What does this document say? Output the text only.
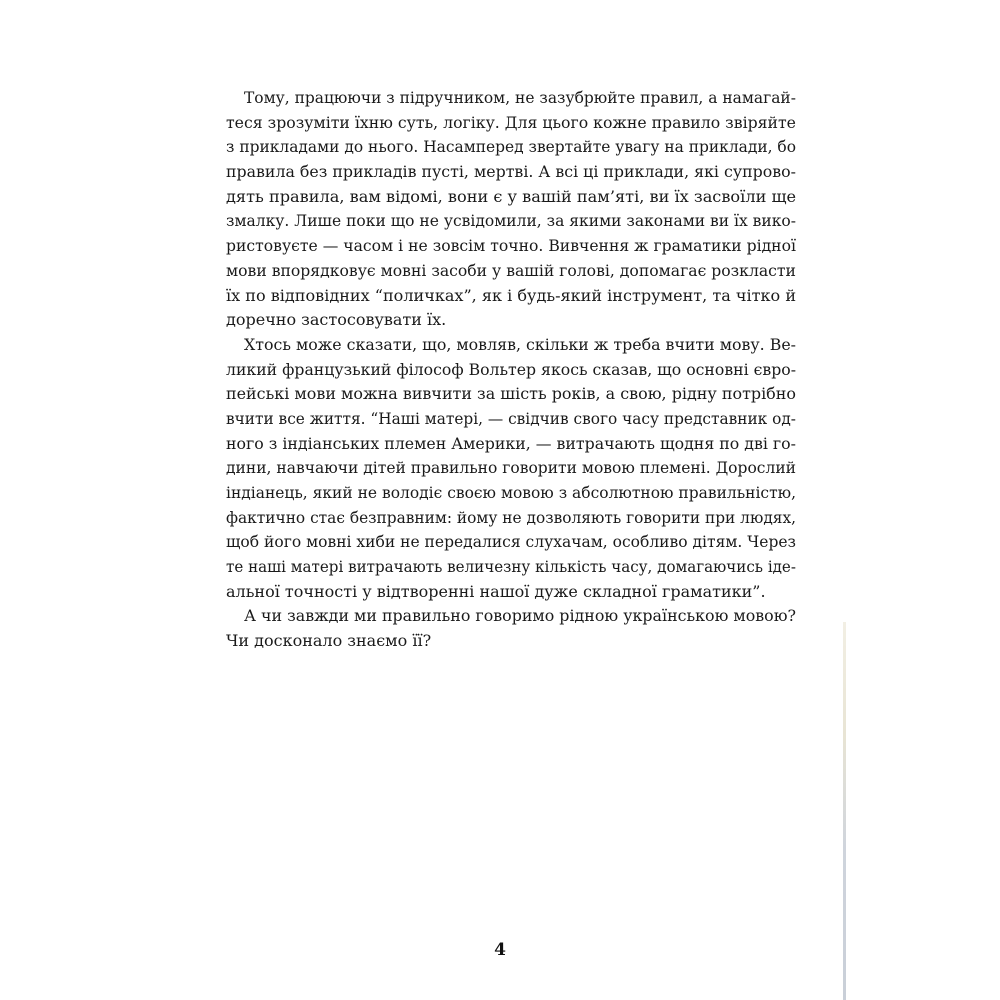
Тому, працюючи з підручником, не зазубрюйте правил, а намагай-
теся зрозуміти їхню суть, логіку. Для цього кожне правило звіряйте
з прикладами до нього. Насамперед звертайте увагу на приклади, бо
правила без прикладів пусті, мертві. А всі ці приклади, які супрово-
дять правила, вам відомі, вони є у вашій пам’яті, ви їх засвоїли ще
змалку. Лише поки що не усвідомили, за якими законами ви їх вико-
ристовуєте — часом і не зовсім точно. Вивчення ж граматики рідної
мови впорядковує мовні засоби у вашій голові, допомагає розкласти
їх по відповідних “поличках”, як і будь-який інструмент, та чітко й
доречно застосовувати їх.
Хтось може сказати, що, мовляв, скільки ж треба вчити мову. Ве-
ликий французький філософ Вольтер якось сказав, що основні євро-
пейські мови можна вивчити за шість років, а свою, рідну потрібно
вчити все життя. “Наші матері, — свідчив свого часу представник од-
ного з індіанських племен Америки, — витрачають щодня по дві го-
дини, навчаючи дітей правильно говорити мовою племені. Дорослий
індіанець, який не володіє своєю мовою з абсолютною правильністю,
фактично стає безправним: йому не дозволяють говорити при людях,
щоб його мовні хиби не передалися слухачам, особливо дітям. Через
те наші матері витрачають величезну кількість часу, домагаючись іде-
альної точності у відтворенні нашої дуже складної граматики”.
А чи завжди ми правильно говоримо рідною українською мовою?
Чи досконало знаємо її?
4
